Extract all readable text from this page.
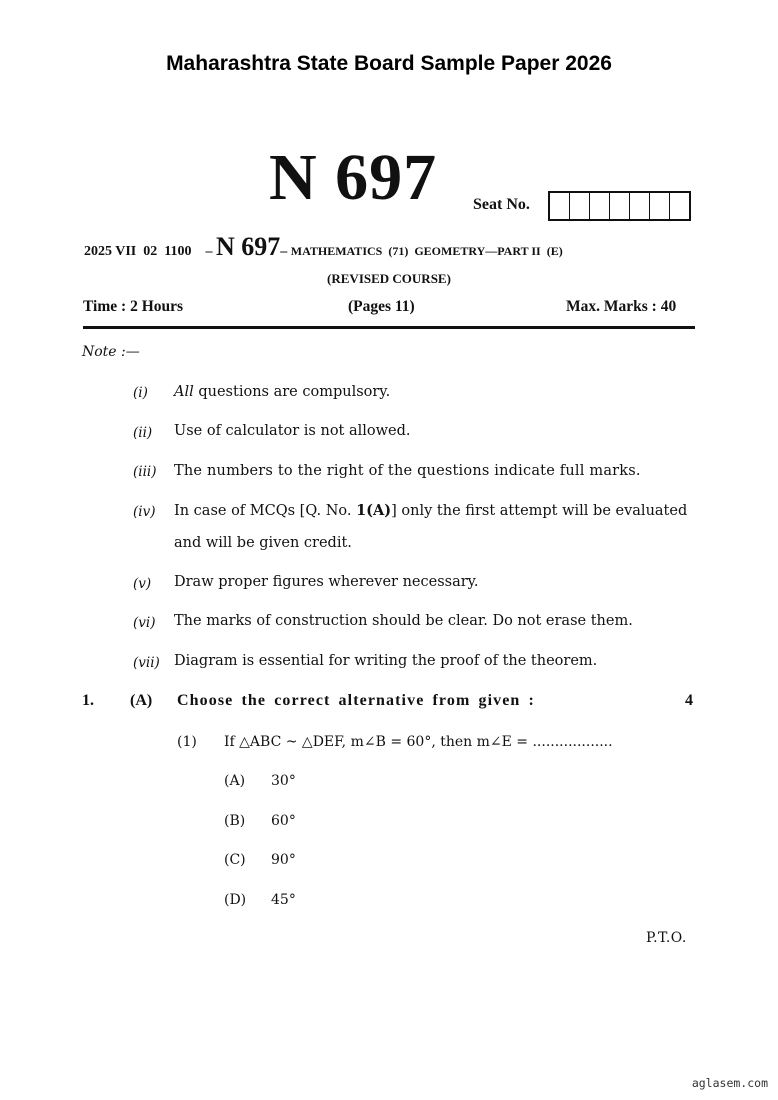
Maharashtra State Board Sample Paper 2026
N 697 Seat No.
2025 VII  02  1100 – N 697– MATHEMATICS  (71)  GEOMETRY—PART II  (E)
(REVISED COURSE)
Time : 2 Hours	(Pages 11)	Max. Marks : 40
Note :—
(i) All questions are compulsory.
(ii) Use of calculator is not allowed.
(iii) The numbers to the right of the questions indicate full marks.
(iv) In case of MCQs [Q. No. 1(A)] only the first attempt will be evaluated
and will be given credit.
(v) Draw proper figures wherever necessary.
(vi) The marks of construction should be clear. Do not erase them.
(vii) Diagram is essential for writing the proof of the theorem.
1. (A) Choose the correct alternative from given :	4
(1) If △ABC ~ △DEF, m∠B = 60°, then m∠E = ..................
(A) 30°
(B) 60°
(C) 90°
(D) 45°
P.T.O.
aglasem.com
